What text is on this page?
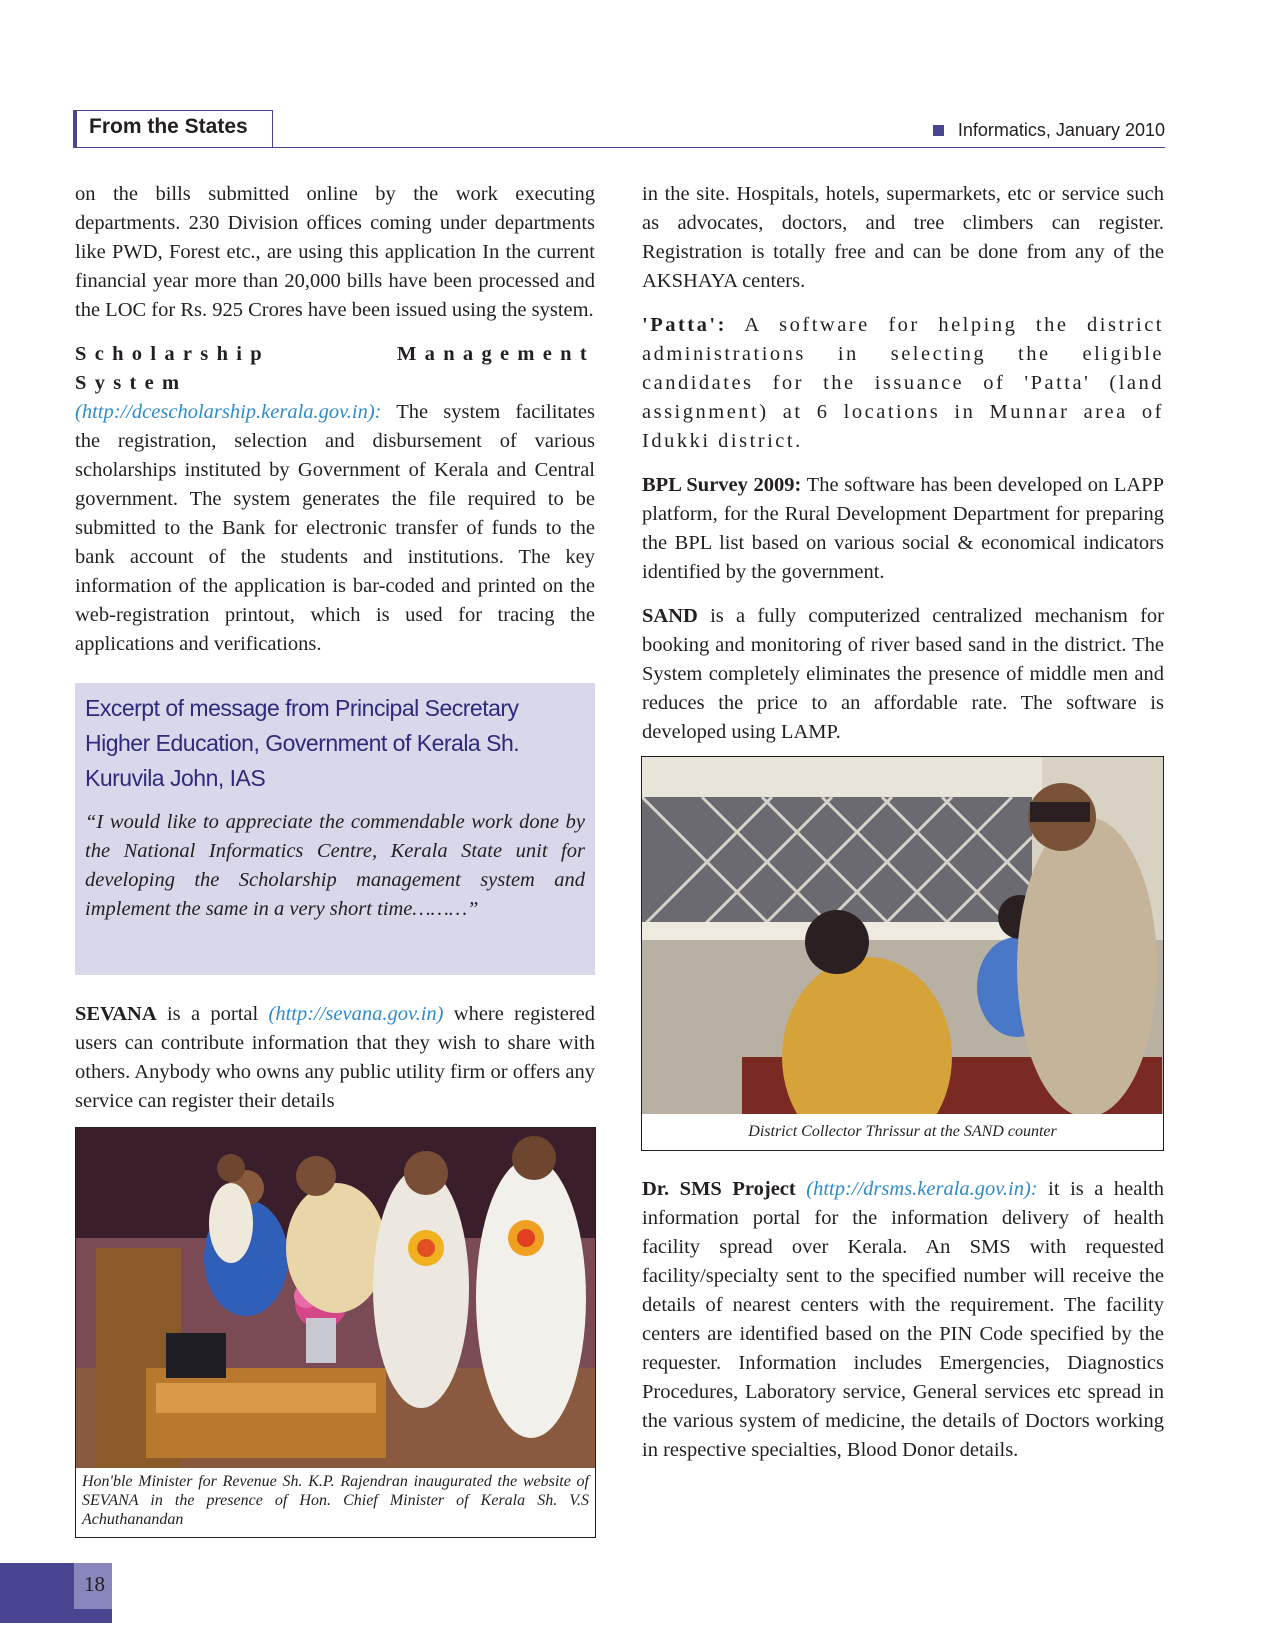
From the States	Informatics, January 2010

on the bills submitted online by the work executing departments. 230 Division offices coming under departments like PWD, Forest etc., are using this application In the current financial year more than 20,000 bills have been processed and the LOC for Rs. 925 Crores have been issued using the system.

Scholarship Management System
(http://dcescholarship.kerala.gov.in): The system facilitates the registration, selection and disbursement of various scholarships instituted by Government of Kerala and Central government. The system generates the file required to be submitted to the Bank for electronic transfer of funds to the bank account of the students and institutions. The key information of the application is bar-coded and printed on the web-registration printout, which is used for tracing the applications and verifications.

Excerpt of message from Principal Secretary Higher Education, Government of Kerala Sh. Kuruvila John, IAS
“I would like to appreciate the commendable work done by the National Informatics Centre, Kerala State unit for developing the Scholarship management system and implement the same in a very short time………”
SEVANA is a portal (http://sevana.gov.in) where registered users can contribute information that they wish to share with others. Anybody who owns any public utility firm or offers any service can register their details
Hon'ble Minister for Revenue Sh. K.P. Rajendran inaugurated the website of SEVANA in the presence of Hon. Chief Minister of Kerala Sh. V.S Achuthanandan

in the site. Hospitals, hotels, supermarkets, etc or service such as advocates, doctors, and tree climbers can register. Registration is totally free and can be done from any of the AKSHAYA centers.

'Patta': A software for helping the district administrations in selecting the eligible candidates for the issuance of 'Patta' (land assignment) at 6 locations in Munnar area of Idukki district.

BPL Survey 2009: The software has been developed on LAPP platform, for the Rural Development Department for preparing the BPL list based on various social & economical indicators identified by the government.

SAND is a fully computerized centralized mechanism for booking and monitoring of river based sand in the district. The System completely eliminates the presence of middle men and reduces the price to an affordable rate. The software is developed using LAMP.

District Collector Thrissur at the SAND counter

Dr. SMS Project (http://drsms.kerala.gov.in): it is a health information portal for the information delivery of health facility spread over Kerala. An SMS with requested facility/specialty sent to the specified number will receive the details of nearest centers with the requirement. The facility centers are identified based on the PIN Code specified by the requester. Information includes Emergencies, Diagnostics Procedures, Laboratory service, General services etc spread in the various system of medicine, the details of Doctors working in respective specialties, Blood Donor details.

18
